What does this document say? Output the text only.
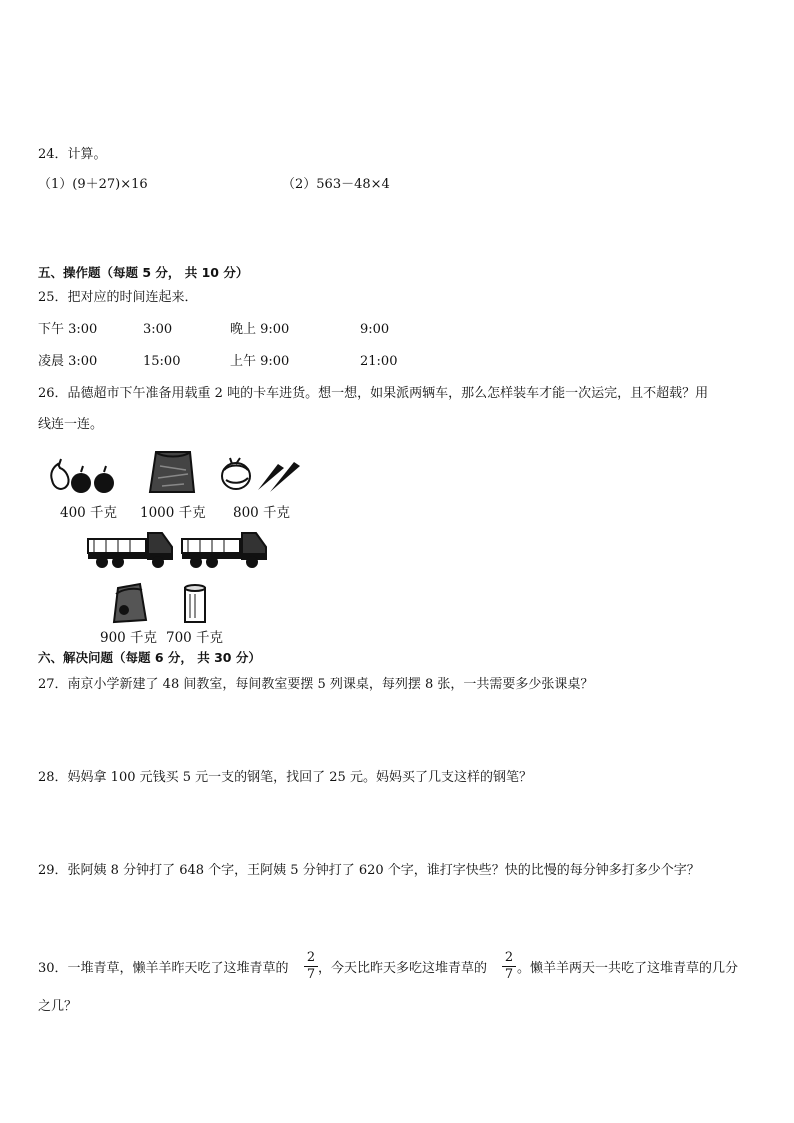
24．计算。
（1）(9＋27)×16	（2）563－48×4
五、操作题（每题 5 分， 共 10 分）
25．把对应的时间连起来．
下午 3:00	3:00	晚上 9:00	9:00
凌晨 3:00	15:00	上午 9:00	21:00
26．品德超市下午准备用载重 2 吨的卡车进货。想一想，如果派两辆车，那么怎样装车才能一次运完，且不超载？用
线连一连。
400 千克 1000 千克 800 千克
900 千克 700 千克
六、解决问题（每题 6 分， 共 30 分）
27．南京小学新建了 48 间教室，每间教室要摆 5 列课桌，每列摆 8 张，一共需要多少张课桌？
28．妈妈拿 100 元钱买 5 元一支的钢笔，找回了 25 元。妈妈买了几支这样的钢笔？
29．张阿姨 8 分钟打了 648 个字，王阿姨 5 分钟打了 620 个字，谁打字快些？快的比慢的每分钟多打多少个字？
30．一堆青草，懒羊羊昨天吃了这堆青草的
2
7 ，今天比昨天多吃这堆青草的
2
7 。懒羊羊两天一共吃了这堆青草的几分
之几？
